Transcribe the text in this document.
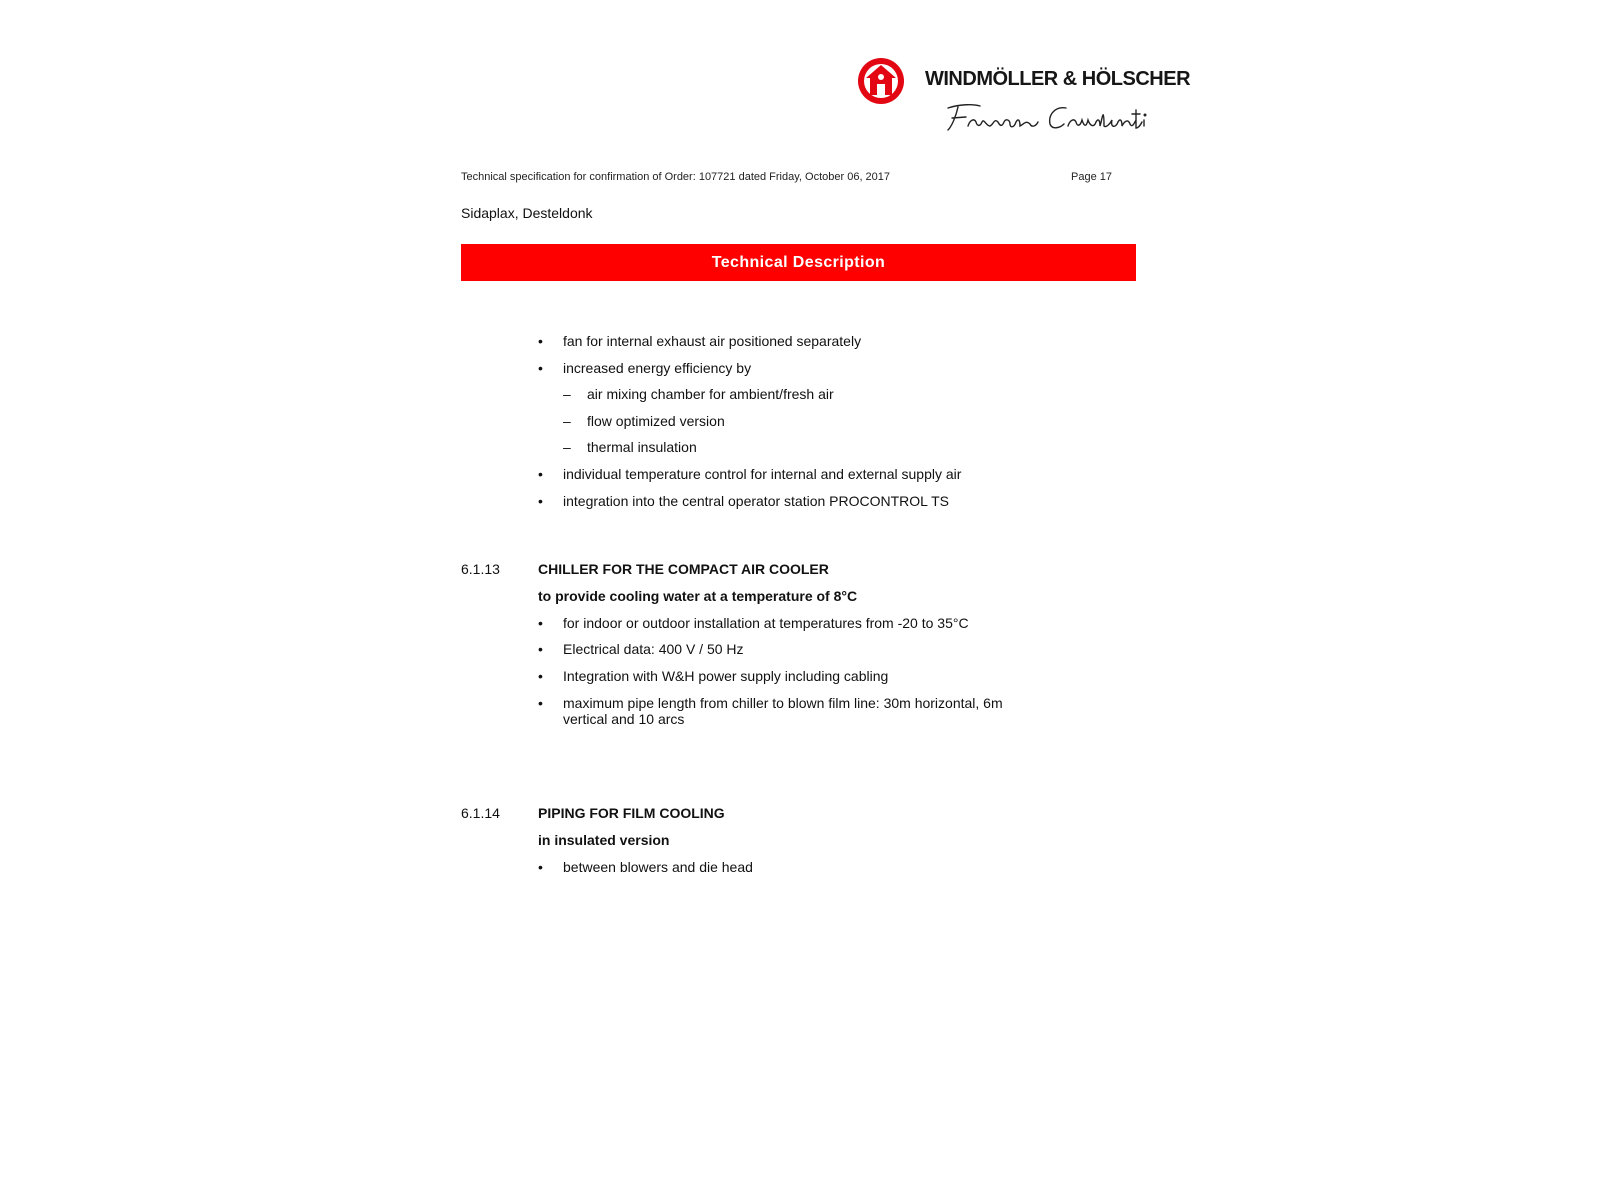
WINDMÖLLER & HÖLSCHER
Technical specification for confirmation of Order: 107721 dated Friday, October 06, 2017	Page 17
Sidaplax, Desteldonk
Technical Description
• fan for internal exhaust air positioned separately
• increased energy efficiency by
– air mixing chamber for ambient/fresh air
– flow optimized version
– thermal insulation
• individual temperature control for internal and external supply air
• integration into the central operator station PROCONTROL TS
6.1.13	CHILLER FOR THE COMPACT AIR COOLER
to provide cooling water at a temperature of 8°C
• for indoor or outdoor installation at temperatures from -20 to 35°C
• Electrical data: 400 V / 50 Hz
• Integration with W&H power supply including cabling
• maximum pipe length from chiller to blown film line: 30m horizontal, 6m
vertical and 10 arcs
6.1.14	PIPING FOR FILM COOLING
in insulated version
• between blowers and die head
